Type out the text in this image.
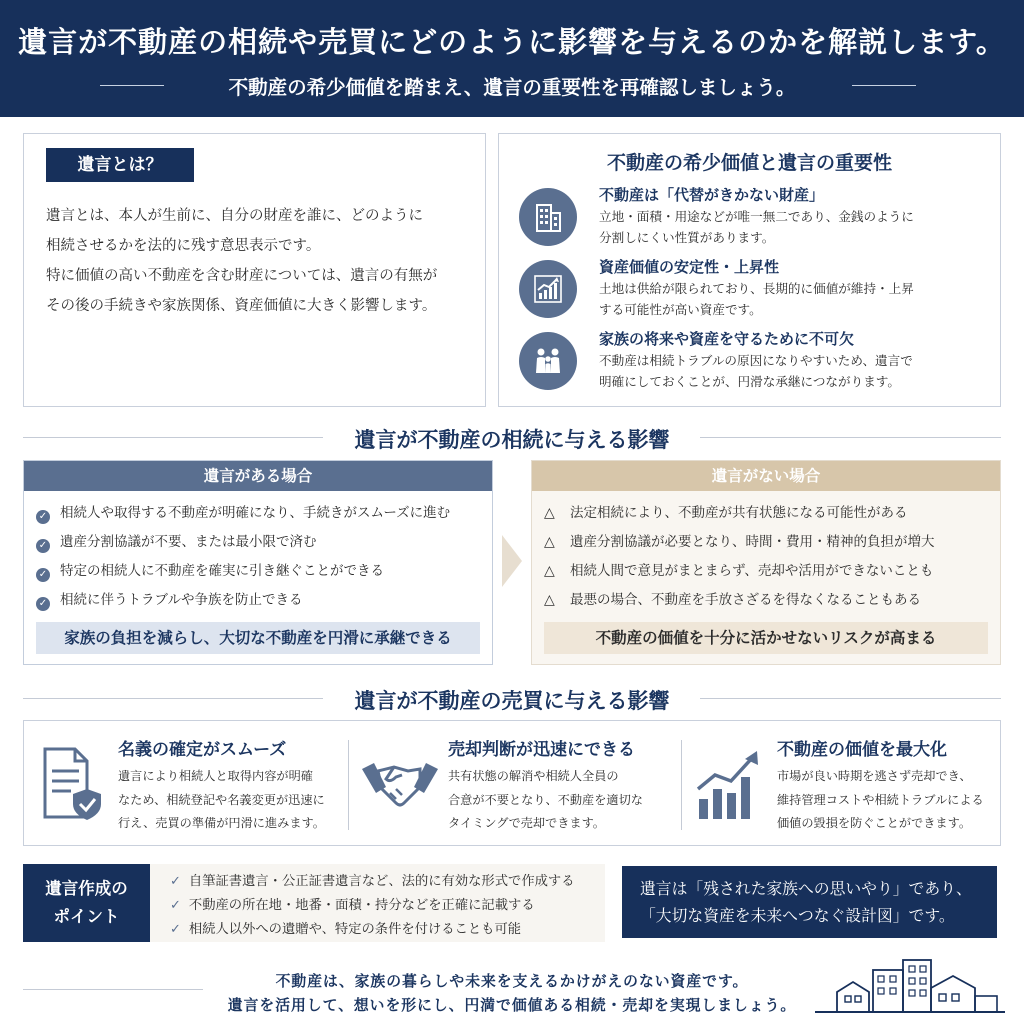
遺言が不動産の相続や売買にどのように影響を与えるのかを解説します。
不動産の希少価値を踏まえ、遺言の重要性を再確認しましょう。
遺言とは？
遺言とは、本人が生前に、自分の財産を誰に、どのように
相続させるかを法的に残す意思表示です。
特に価値の高い不動産を含む財産については、遺言の有無が
その後の手続きや家族関係、資産価値に大きく影響します。
不動産の希少価値と遺言の重要性
不動産は「代替がきかない財産」
立地・面積・用途などが唯一無二であり、金銭のように
分割しにくい性質があります。
資産価値の安定性・上昇性
土地は供給が限られており、長期的に価値が維持・上昇
する可能性が高い資産です。
家族の将来や資産を守るために不可欠
不動産は相続トラブルの原因になりやすいため、遺言で
明確にしておくことが、円滑な承継につながります。
遺言が不動産の相続に与える影響
遺言がある場合
✓ 相続人や取得する不動産が明確になり、手続きがスムーズに進む
✓ 遺産分割協議が不要、または最小限で済む
✓ 特定の相続人に不動産を確実に引き継ぐことができる
✓ 相続に伴うトラブルや争族を防止できる
家族の負担を減らし、大切な不動産を円滑に承継できる
遺言がない場合
△ 法定相続により、不動産が共有状態になる可能性がある
△ 遺産分割協議が必要となり、時間・費用・精神的負担が増大
△ 相続人間で意見がまとまらず、売却や活用ができないことも
△ 最悪の場合、不動産を手放さざるを得なくなることもある
不動産の価値を十分に活かせないリスクが高まる
遺言が不動産の売買に与える影響
名義の確定がスムーズ
遺言により相続人と取得内容が明確
なため、相続登記や名義変更が迅速に
行え、売買の準備が円滑に進みます。
売却判断が迅速にできる
共有状態の解消や相続人全員の
合意が不要となり、不動産を適切な
タイミングで売却できます。
不動産の価値を最大化
市場が良い時期を逃さず売却でき、
維持管理コストや相続トラブルによる
価値の毀損を防ぐことができます。
遺言作成の
ポイント
✓ 自筆証書遺言・公正証書遺言など、法的に有効な形式で作成する
✓ 不動産の所在地・地番・面積・持分などを正確に記載する
✓ 相続人以外への遺贈や、特定の条件を付けることも可能
遺言は「残された家族への思いやり」であり、
「大切な資産を未来へつなぐ設計図」です。
不動産は、家族の暮らしや未来を支えるかけがえのない資産です。
遺言を活用して、想いを形にし、円満で価値ある相続・売却を実現しましょう。
